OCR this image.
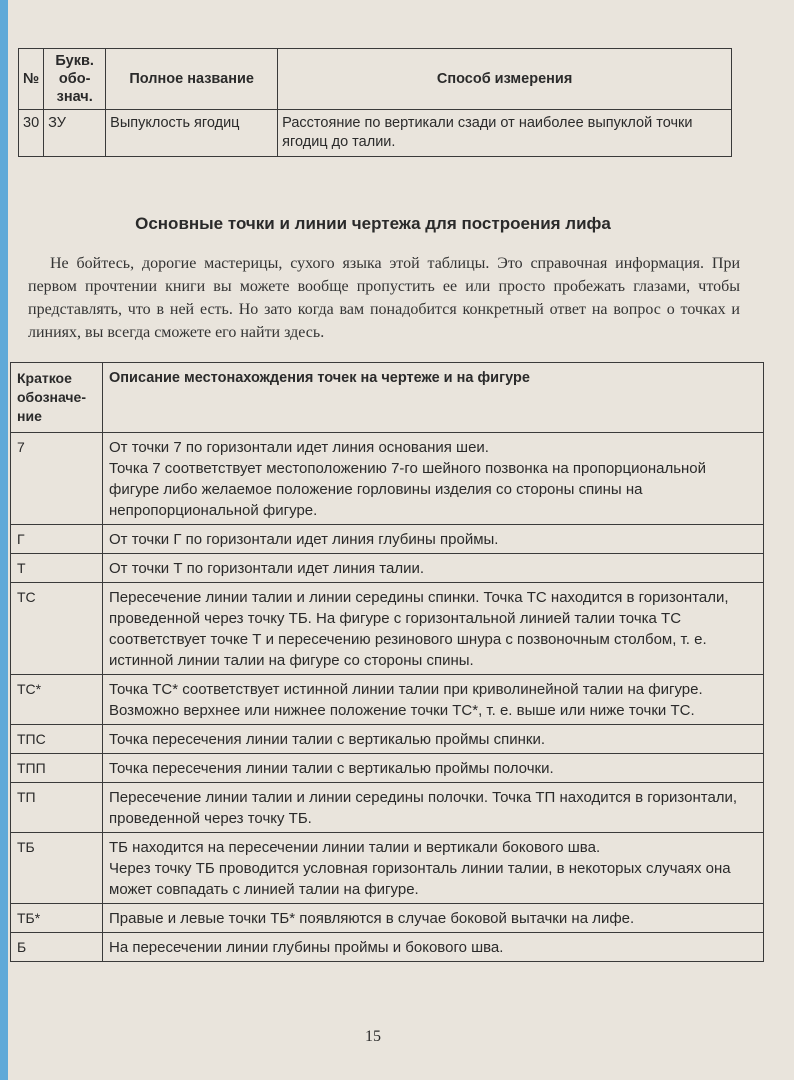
№	Букв. обо-знач.	Полное название	Способ измерения
30	ЗУ	Выпуклость ягодиц	Расстояние по вертикали сзади от наиболее выпуклой точки ягодиц до талии.
Основные точки и линии чертежа для построения лифа

Не бойтесь, дорогие мастерицы, сухого языка этой таблицы. Это справочная информация. При первом прочтении книги вы можете вообще пропустить ее или просто пробежать глазами, чтобы представлять, что в ней есть. Но зато когда вам понадобится конкретный ответ на вопрос о точках и линиях, вы всегда сможете его найти здесь.

Краткое обозначе-ние	Описание местонахождения точек на чертеже и на фигуре
7	От точки 7 по горизонтали идет линия основания шеи.
Точка 7 соответствует местоположению 7-го шейного позвонка на пропорциональной фигуре либо желаемое положение горловины изделия со стороны спины на непропорциональной фигуре.
Г	От точки Г по горизонтали идет линия глубины проймы.
Т	От точки Т по горизонтали идет линия талии.
ТС	Пересечение линии талии и линии середины спинки. Точка ТС находится в горизонтали, проведенной через точку ТБ. На фигуре с горизонтальной линией талии точка ТС соответствует точке Т и пересечению резинового шнура с позвоночным столбом, т. е. истинной линии талии на фигуре со стороны спины.
ТС*	Точка ТС* соответствует истинной линии талии при криволинейной талии на фигуре. Возможно верхнее или нижнее положение точки ТС*, т. е. выше или ниже точки ТС.
ТПС	Точка пересечения линии талии с вертикалью проймы спинки.
ТПП	Точка пересечения линии талии с вертикалью проймы полочки.
ТП	Пересечение линии талии и линии середины полочки. Точка ТП находится в горизонтали, проведенной через точку ТБ.
ТБ	ТБ находится на пересечении линии талии и вертикали бокового шва.
Через точку ТБ проводится условная горизонталь линии талии, в некоторых случаях она может совпадать с линией талии на фигуре.
ТБ*	Правые и левые точки ТБ* появляются в случае боковой вытачки на лифе.
Б	На пересечении линии глубины проймы и бокового шва.
15
